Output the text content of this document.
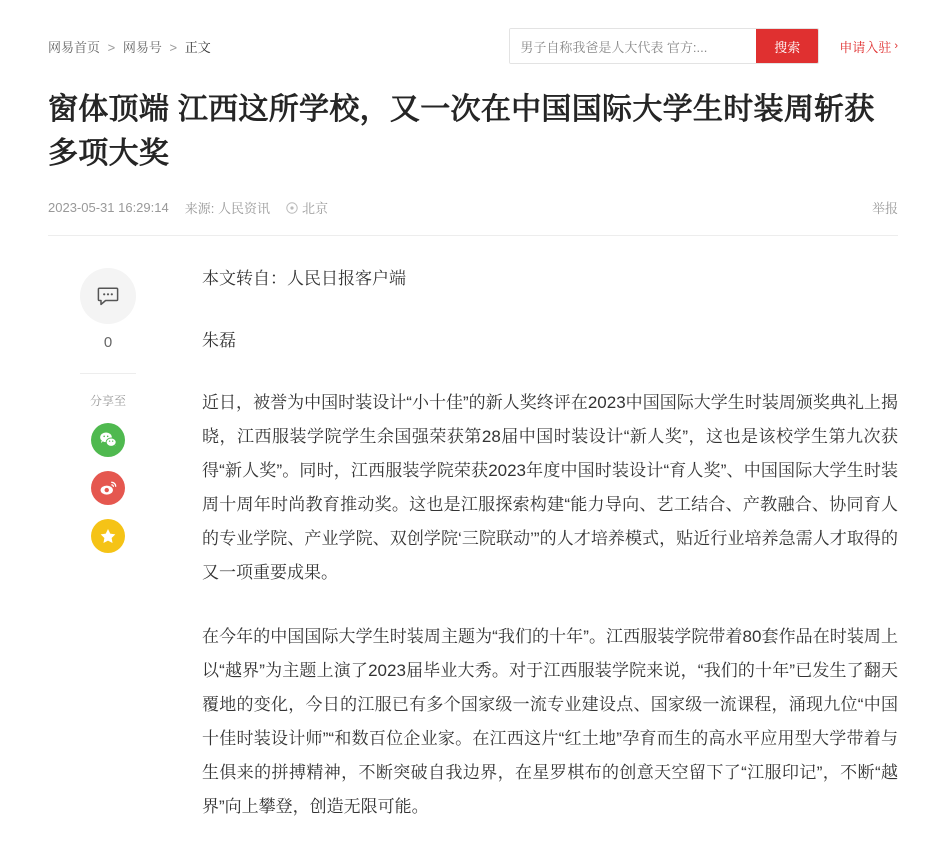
网易首页 > 网易号 > 正文
男子自称我爸是人大代表 官方:...	搜索	申请入驻 ›
窗体顶端 江西这所学校，又一次在中国国际大学生时装周斩获多项大奖
2023-05-31 16:29:14 来源: 人民资讯 北京	举报
0
分享至

本文转自：人民日报客户端

朱磊

近日，被誉为中国时装设计“小十佳”的新人奖终评在2023中国国际大学生时装周颁奖典礼上揭晓，江西服装学院学生余国强荣获第28届中国时装设计“新人奖”，这也是该校学生第九次获得“新人奖”。同时，江西服装学院荣获2023年度中国时装设计“育人奖”、中国国际大学生时装周十周年时尚教育推动奖。这也是江服探索构建“能力导向、艺工结合、产教融合、协同育人的专业学院、产业学院、双创学院‘三院联动’”的人才培养模式，贴近行业培养急需人才取得的又一项重要成果。

在今年的中国国际大学生时装周主题为“我们的十年”。江西服装学院带着80套作品在时装周上以“越界”为主题上演了2023届毕业大秀。对于江西服装学院来说，“我们的十年”已发生了翻天覆地的变化，今日的江服已有多个国家级一流专业建设点、国家级一流课程，涌现九位“中国十佳时装设计师”“和数百位企业家。在江西这片“红土地”孕育而生的高水平应用型大学带着与生俱来的拼搏精神，不断突破自我边界，在星罗棋布的创意天空留下了“江服印记”，不断“越界”向上攀登，创造无限可能。
